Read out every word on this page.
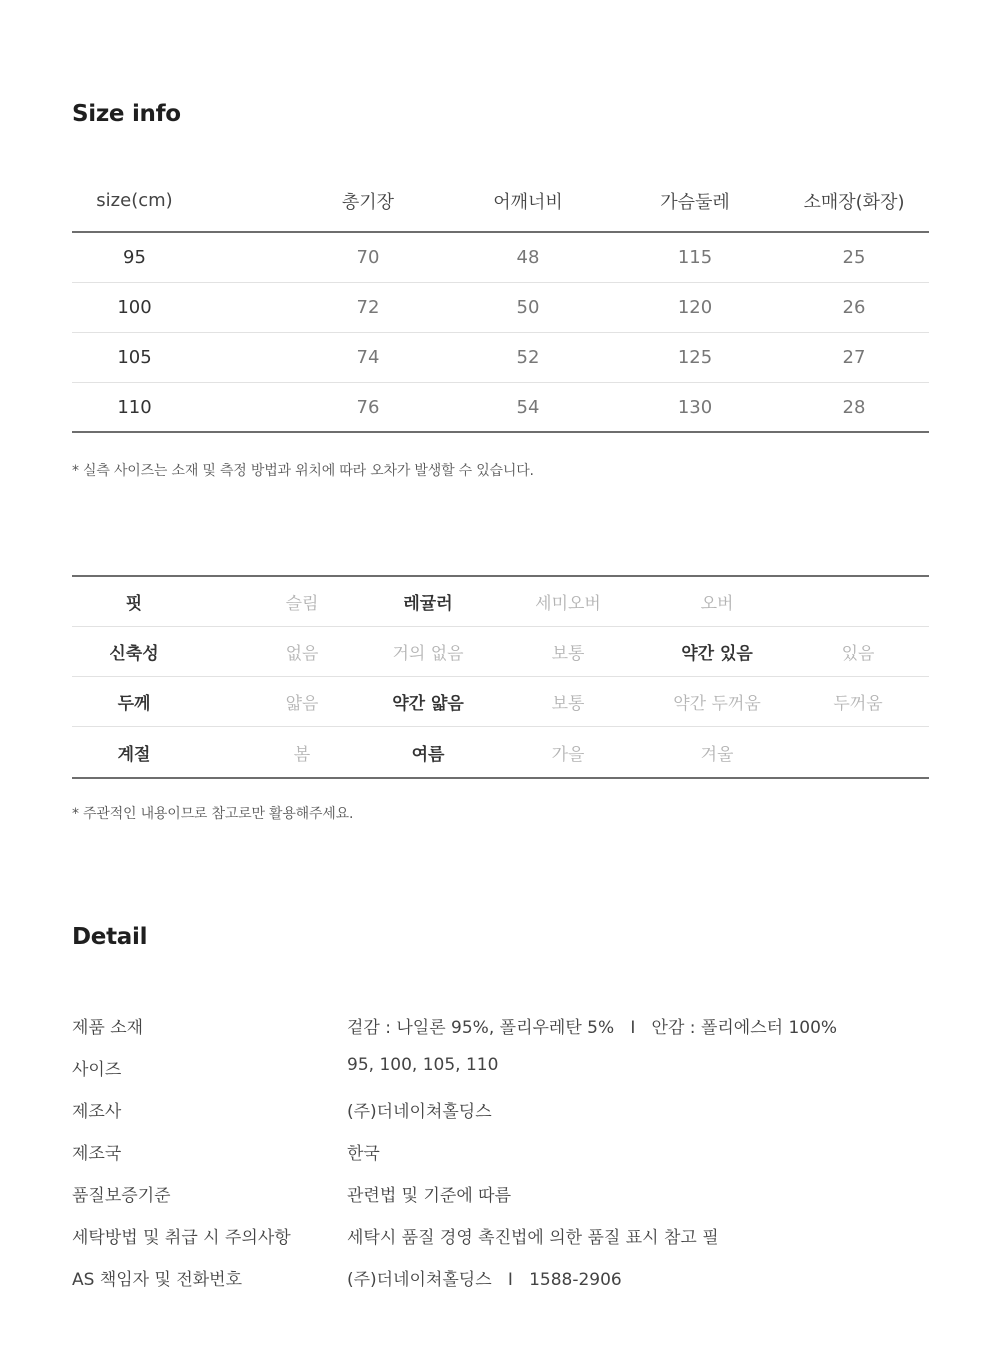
Size info
size(cm)	총기장	어깨너비	가슴둘레	소매장(화장)
95	70	48	115	25
100	72	50	120	26
105	74	52	125	27
110	76	54	130	28
* 실측 사이즈는 소재 및 측정 방법과 위치에 따라 오차가 발생할 수 있습니다.
핏	슬림	레귤러	세미오버	오버
신축성	없음	거의 없음	보통	약간 있음	있음
두께	얇음	약간 얇음	보통	약간 두꺼움	두꺼움
계절	봄	여름	가을	겨울
* 주관적인 내용이므로 참고로만 활용해주세요.
Detail
제품 소재	겉감 : 나일론 95%, 폴리우레탄 5%   I   안감 : 폴리에스터 100%
사이즈	95, 100, 105, 110
제조사	(주)더네이쳐홀딩스
제조국	한국
품질보증기준	관련법 및 기준에 따름
세탁방법 및 취급 시 주의사항	세탁시 품질 경영 촉진법에 의한 품질 표시 참고 필
AS 책임자 및 전화번호	(주)더네이쳐홀딩스   I   1588-2906
